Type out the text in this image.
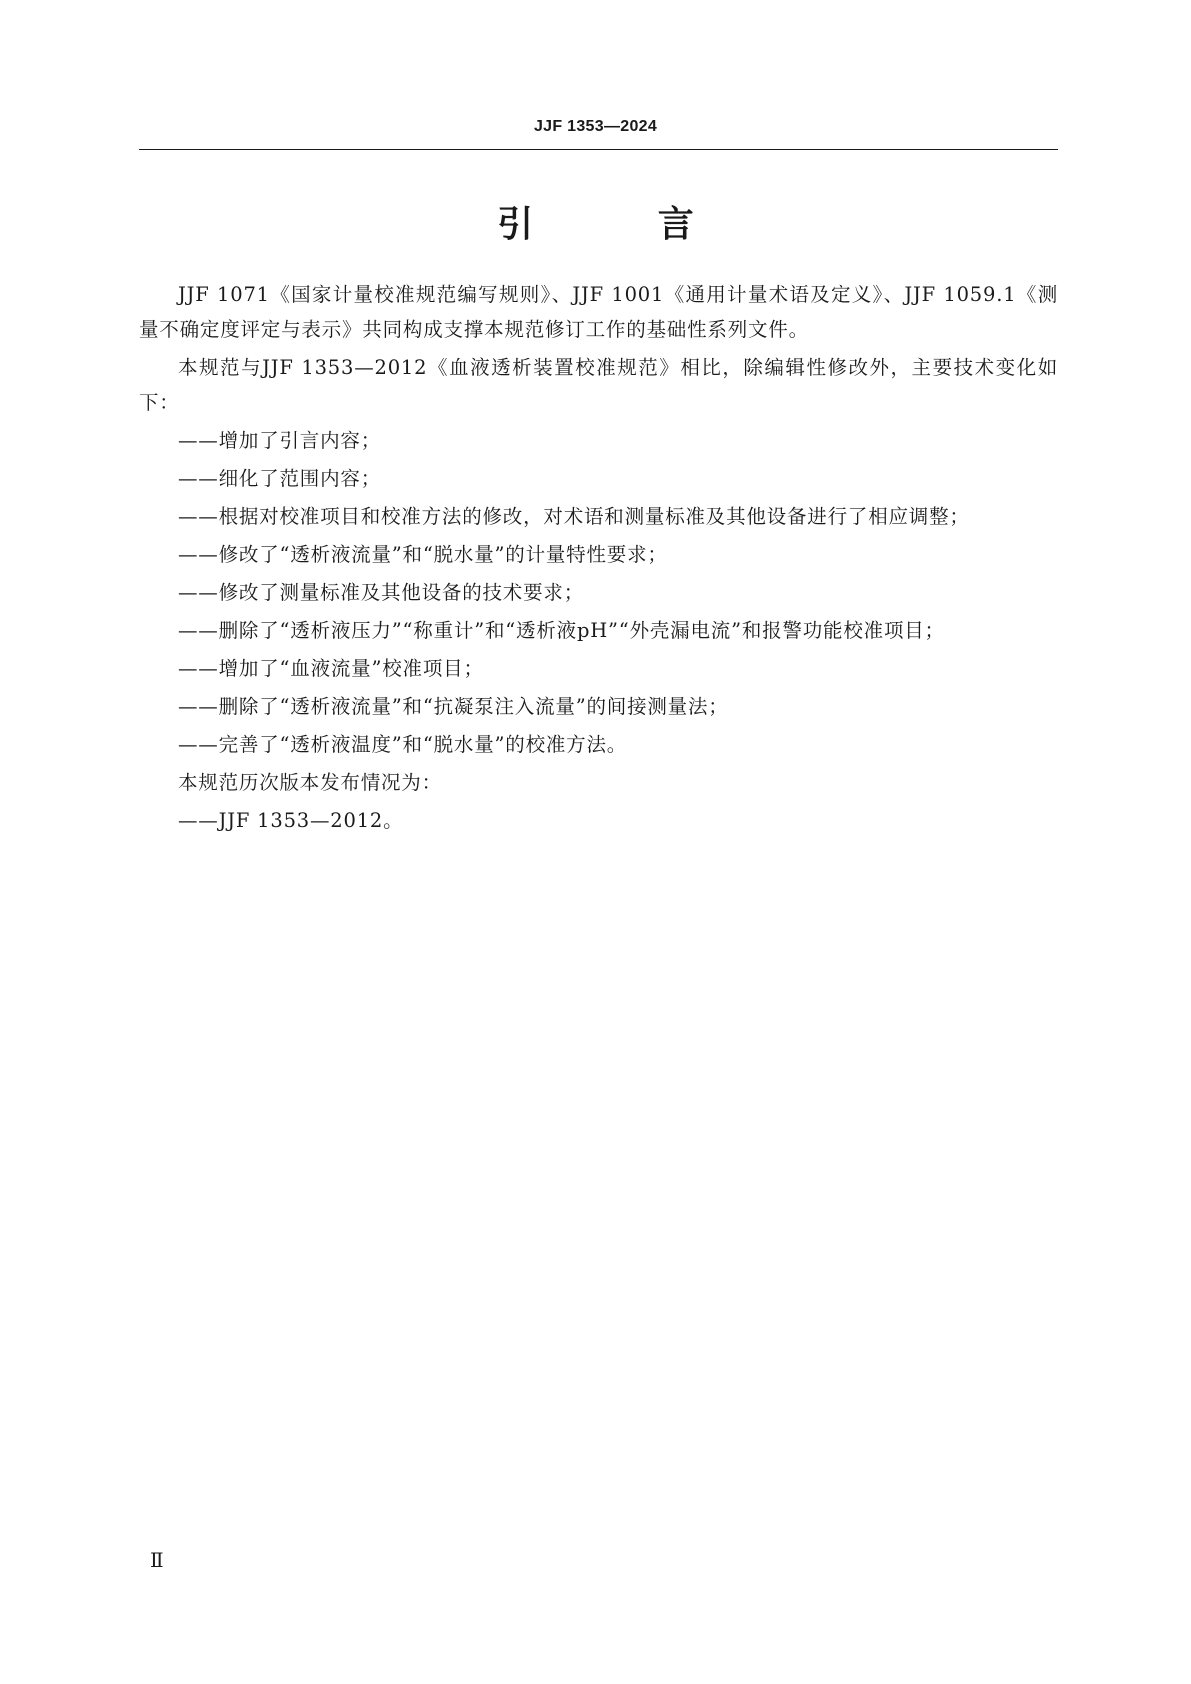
JJF 1353—2024
引 言

JJF 1071《国家计量校准规范编写规则》、JJF 1001《通用计量术语及定义》、JJF 1059.1《测量不确定度评定与表示》共同构成支撑本规范修订工作的基础性系列文件。

本规范与JJF 1353—2012《血液透析装置校准规范》相比，除编辑性修改外，主要技术变化如下：

——增加了引言内容；

——细化了范围内容；

——根据对校准项目和校准方法的修改，对术语和测量标准及其他设备进行了相应调整；

——修改了“透析液流量”和“脱水量”的计量特性要求；

——修改了测量标准及其他设备的技术要求；

——删除了“透析液压力”“称重计”和“透析液pH”“外壳漏电流”和报警功能校准项目；

——增加了“血液流量”校准项目；

——删除了“透析液流量”和“抗凝泵注入流量”的间接测量法；

——完善了“透析液温度”和“脱水量”的校准方法。

本规范历次版本发布情况为：

——JJF 1353—2012。

Ⅱ
